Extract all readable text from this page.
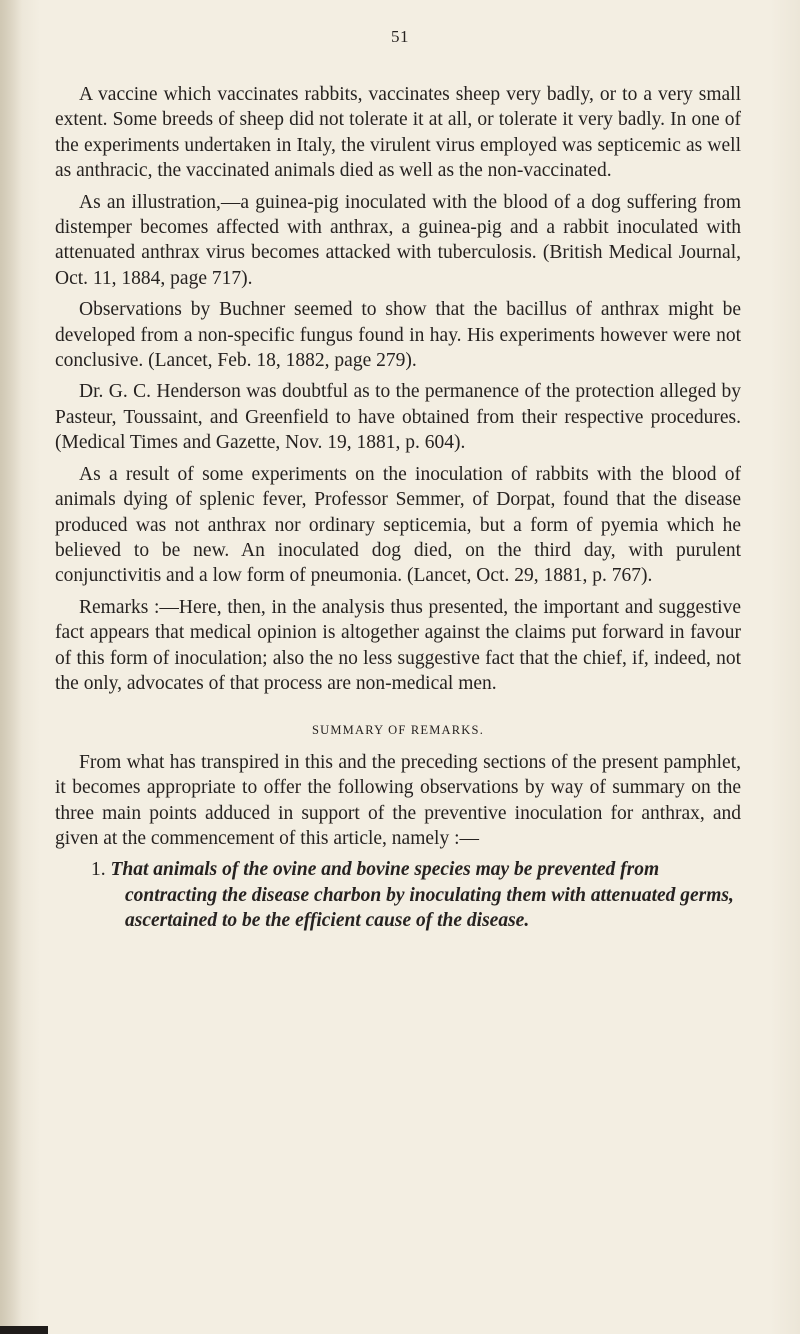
51

A vaccine which vaccinates rabbits, vaccinates sheep very badly, or to a very small extent. Some breeds of sheep did not tolerate it at all, or tolerate it very badly. In one of the experiments undertaken in Italy, the virulent virus employed was septicemic as well as anthracic, the vaccinated animals died as well as the non-vaccinated.

As an illustration,—a guinea-pig inoculated with the blood of a dog suffering from distemper becomes affected with anthrax, a guinea-pig and a rabbit inoculated with attenuated anthrax virus becomes attacked with tuberculosis. (British Medical Journal, Oct. 11, 1884, page 717).

Observations by Buchner seemed to show that the bacillus of anthrax might be developed from a non-specific fungus found in hay. His experiments however were not conclusive. (Lancet, Feb. 18, 1882, page 279).

Dr. G. C. Henderson was doubtful as to the permanence of the protection alleged by Pasteur, Toussaint, and Greenfield to have obtained from their respective procedures. (Medical Times and Gazette, Nov. 19, 1881, p. 604).

As a result of some experiments on the inoculation of rabbits with the blood of animals dying of splenic fever, Professor Semmer, of Dorpat, found that the disease produced was not anthrax nor ordinary septicemia, but a form of pyemia which he believed to be new. An inoculated dog died, on the third day, with purulent conjunctivitis and a low form of pneumonia. (Lancet, Oct. 29, 1881, p. 767).

Remarks :—Here, then, in the analysis thus presented, the important and suggestive fact appears that medical opinion is altogether against the claims put forward in favour of this form of inoculation; also the no less suggestive fact that the chief, if, indeed, not the only, advocates of that process are non-medical men.

SUMMARY OF REMARKS.

From what has transpired in this and the preceding sections of the present pamphlet, it becomes appropriate to offer the following observations by way of summary on the three main points adduced in support of the preventive inoculation for anthrax, and given at the commencement of this article, namely :—

1. That animals of the ovine and bovine species may be prevented from contracting the disease charbon by inoculating them with attenuated germs, ascertained to be the efficient cause of the disease.
